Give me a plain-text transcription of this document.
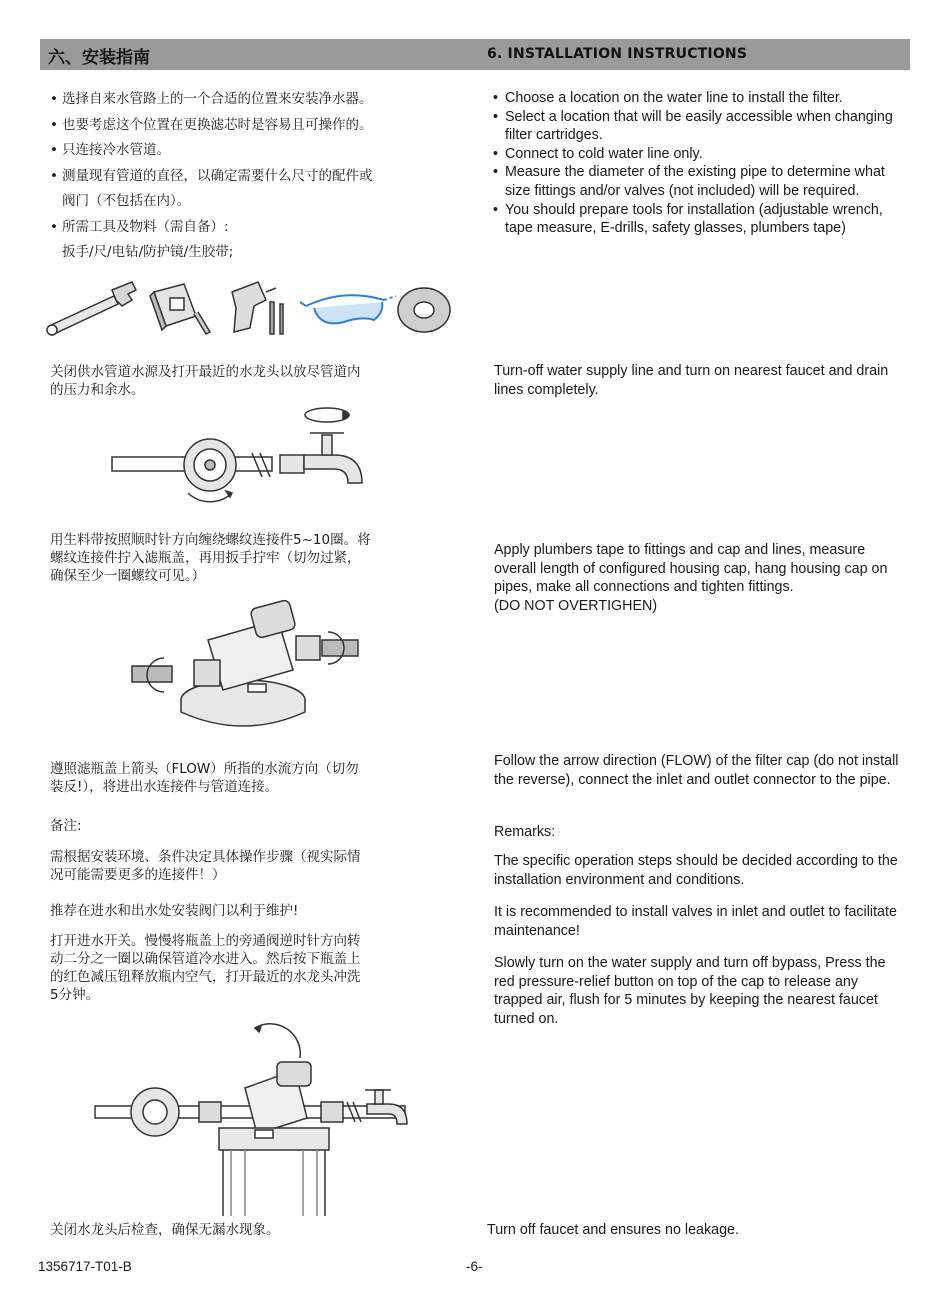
六、安装指南	6. INSTALLATION INSTRUCTIONS
• 选择自来水管路上的一个合适的位置来安装净水器。
• 也要考虑这个位置在更换滤芯时是容易且可操作的。
• 只连接冷水管道。
• 测量现有管道的直径，以确定需要什么尺寸的配件或
阀门（不包括在内）。
• 所需工具及物料（需自备）:
扳手/尺/电钻/防护镜/生胶带;
• Choose a location on the water line to install the filter.
• Select a location that will be easily accessible when changing filter cartridges.
• Connect to cold water line only.
• Measure the diameter of the existing pipe to determine what size fittings and/or valves (not included) will be required.
• You should prepare tools for installation (adjustable wrench, tape measure, E-drills, safety glasses, plumbers tape)
关闭供水管道水源及打开最近的水龙头以放尽管道内
的压力和余水。
Turn-off water supply line and turn on nearest faucet and drain lines completely.
用生料带按照顺时针方向缠绕螺纹连接件5~10圈。将
螺纹连接件拧入滤瓶盖，再用扳手拧牢（切勿过紧，
确保至少一圈螺纹可见。）
Apply plumbers tape to fittings and cap and lines, measure overall length of configured housing cap, hang housing cap on pipes, make all connections and tighten fittings.
(DO NOT OVERTIGHEN)
遵照滤瓶盖上箭头（FLOW）所指的水流方向（切勿
装反!），将进出水连接件与管道连接。
Follow the arrow direction (FLOW) of the filter cap (do not install the reverse), connect the inlet and outlet connector to the pipe.
备注:	Remarks:
需根据安装环境、条件决定具体操作步骤（视实际情
况可能需要更多的连接件！）
The specific operation steps should be decided according to the installation environment and conditions.
推荐在进水和出水处安装阀门以利于维护!	It is recommended to install valves in inlet and outlet to facilitate maintenance!
打开进水开关。慢慢将瓶盖上的旁通阀逆时针方向转
动二分之一圈以确保管道冷水进入。然后按下瓶盖上
的红色减压钮释放瓶内空气，打开最近的水龙头冲洗
5分钟。
Slowly turn on the water supply and turn off bypass, Press the red pressure-relief button on top of the cap to release any trapped air, flush for 5 minutes by keeping the nearest faucet turned on.
关闭水龙头后检查，确保无漏水现象。	Turn off faucet and ensures no leakage.
1356717-T01-B	-6-
